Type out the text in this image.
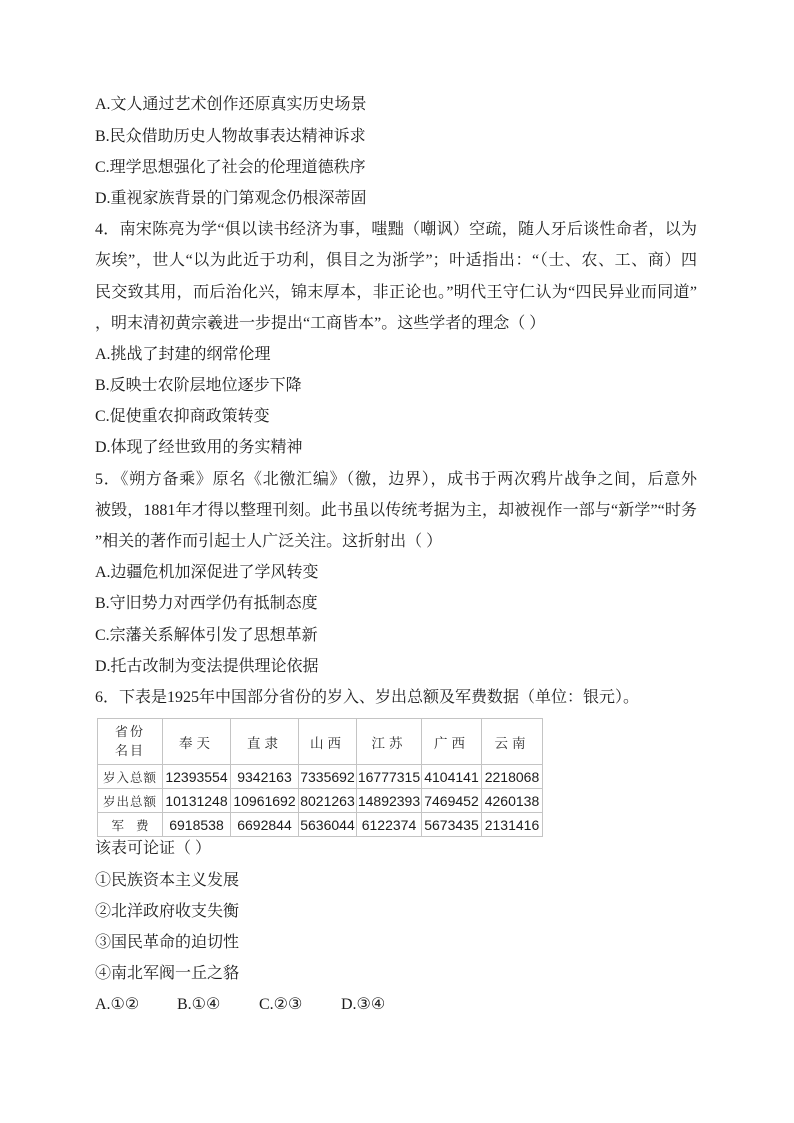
A.文人通过艺术创作还原真实历史场景
B.民众借助历史人物故事表达精神诉求
C.理学思想强化了社会的伦理道德秩序
D.重视家族背景的门第观念仍根深蒂固
4．南宋陈亮为学“俱以读书经济为事，嗤黜（嘲讽）空疏，随人牙后谈性命者，以为
灰埃”，世人“以为此近于功利，俱目之为浙学”；叶适指出：“（士、农、工、商）四
民交致其用，而后治化兴，锦末厚本，非正论也。”明代王守仁认为“四民异业而同道”
，明末清初黄宗羲进一步提出“工商皆本”。这些学者的理念（ ）
A.挑战了封建的纲常伦理
B.反映士农阶层地位逐步下降
C.促使重农抑商政策转变
D.体现了经世致用的务实精神
5．《朔方备乘》原名《北徼汇编》（徼，边界），成书于两次鸦片战争之间，后意外
被毁，1881年才得以整理刊刻。此书虽以传统考据为主，却被视作一部与“新学”“时务
”相关的著作而引起士人广泛关注。这折射出（ ）
A.边疆危机加深促进了学风转变
B.守旧势力对西学仍有抵制态度
C.宗藩关系解体引发了思想革新
D.托古改制为变法提供理论依据
6．下表是1925年中国部分省份的岁入、岁出总额及军费数据（单位：银元）。
省份
名目	奉天	直隶	山西	江苏	广西	云南
岁入总额	12393554	9342163	7335692	16777315	4104141	2218068
岁出总额	10131248	10961692	8021263	14892393	7469452	4260138
军费	6918538	6692844	5636044	6122374	5673435	2131416
该表可论证（ ）
①民族资本主义发展
②北洋政府收支失衡
③国民革命的迫切性
④南北军阀一丘之貉
A.①② B.①④ C.②③ D.③④
